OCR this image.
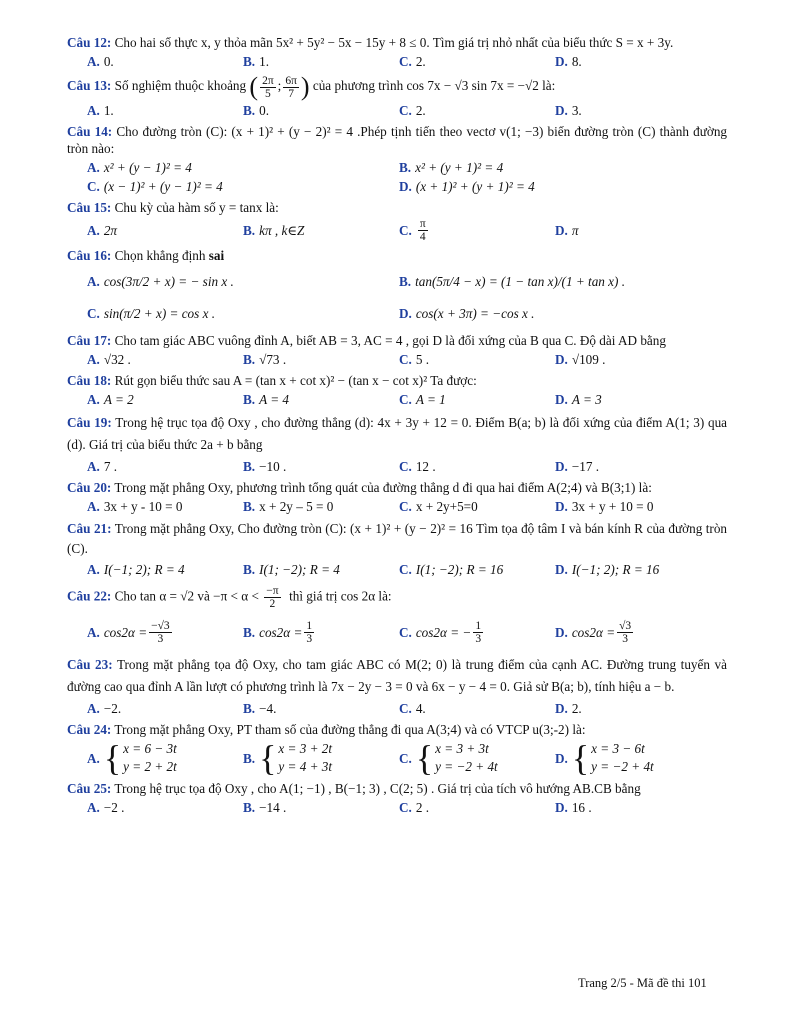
Câu 12: Cho hai số thực x, y thỏa mãn 5x² + 5y² − 5x − 15y + 8 ≤ 0. Tìm giá trị nhỏ nhất của biểu thức S = x + 3y.
A. 0.	B. 1.	C. 2.	D. 8.
Câu 13: Số nghiệm thuộc khoảng ( $\frac{2\pi}{5}$ ; $\frac{6\pi}{7}$ ) của phương trình cos 7x − √3 sin 7x = −√2 là:
A. 1.	B. 0.	C. 2.	D. 3.
Câu 14: Cho đường tròn (C): (x + 1)² + (y − 2)² = 4 .Phép tịnh tiến theo vectơ v(1; −3) biến đường tròn (C) thành đường tròn nào:
A. x² + (y − 1)² = 4	B. x² + (y + 1)² = 4
C. (x − 1)² + (y − 1)² = 4	D. (x + 1)² + (y + 1)² = 4
Câu 15: Chu kỳ của hàm số y = tanx là:
A. 2π	B. kπ , k∈Z	C. $\frac{\pi}{4}$	D. π
Câu 16: Chọn khẳng định sai
A. cos(3π/2 + x) = − sin x .	B. tan(5π/4 − x) = (1 − tan x)/(1 + tan x) .
C. sin(π/2 + x) = cos x .	D. cos(x + 3π) = −cos x .
Câu 17: Cho tam giác ABC vuông đỉnh A, biết AB = 3, AC = 4 , gọi D là đối xứng của B qua C. Độ dài AD bằng
A. √32 .	B. √73 .	C. 5 .	D. √109 .
Câu 18: Rút gọn biểu thức sau A = (tan x + cot x)² − (tan x − cot x)² Ta được:
A. A = 2	B. A = 4	C. A = 1	D. A = 3
Câu 19: Trong hệ trục tọa độ Oxy , cho đường thẳng (d): 4x + 3y + 12 = 0. Điểm B(a; b) là đối xứng của điểm A(1; 3) qua (d). Giá trị của biểu thức 2a + b bằng
A. 7 .	B. −10 .	C. 12 .	D. −17 .
Câu 20: Trong mặt phẳng Oxy, phương trình tổng quát của đường thẳng d đi qua hai điểm A(2;4) và B(3;1) là:
A. 3x + y - 10 = 0	B. x + 2y – 5 = 0	C. x + 2y+5=0	D. 3x + y + 10 = 0
Câu 21: Trong mặt phẳng Oxy, Cho đường tròn (C): (x + 1)² + (y − 2)² = 16 Tìm tọa độ tâm I và bán kính R của đường tròn (C).
A. I(−1; 2); R = 4	B. I(1; −2); R = 4	C. I(1; −2); R = 16	D. I(−1; 2); R = 16
Câu 22: Cho tan α = √2 và $-\pi < \alpha < \frac{-\pi}{2}$ thì giá trị cos 2α là:
A. $\cos 2\alpha = \frac{-√3}{3}$	B. $\cos 2\alpha = \frac{1}{3}$	C. cos2α = − $\frac{1}{3}$	D. $\cos 2\alpha = \frac{√3}{3}$
Câu 23: Trong mặt phẳng tọa độ Oxy, cho tam giác ABC có M(2; 0) là trung điểm của cạnh AC. Đường trung tuyến và đường cao qua đỉnh A lần lượt có phương trình là 7x − 2y − 3 = 0 và 6x − y − 4 = 0. Giả sử B(a; b), tính hiệu a − b.
A. −2.	B. −4.	C. 4.	D. 2.
Câu 24: Trong mặt phẳng Oxy, PT tham số của đường thẳng đi qua A(3;4) và có VTCP u(3;-2) là:
A. { x = 6 − 3t
y = 2 + 2t
B. { x = 3 + 2t
y = 4 + 3t
C. { x = 3 + 3t
y = −2 + 4t
D. { x = 3 − 6t
y = −2 + 4t
Câu 25: Trong hệ trục tọa độ Oxy , cho A(1; −1) , B(−1; 3) , C(2; 5) . Giá trị của tích vô hướng AB.CB bằng
A. −2 .	B. −14 .	C. 2 .	D. 16 .
Trang 2/5 - Mã đề thi 101
